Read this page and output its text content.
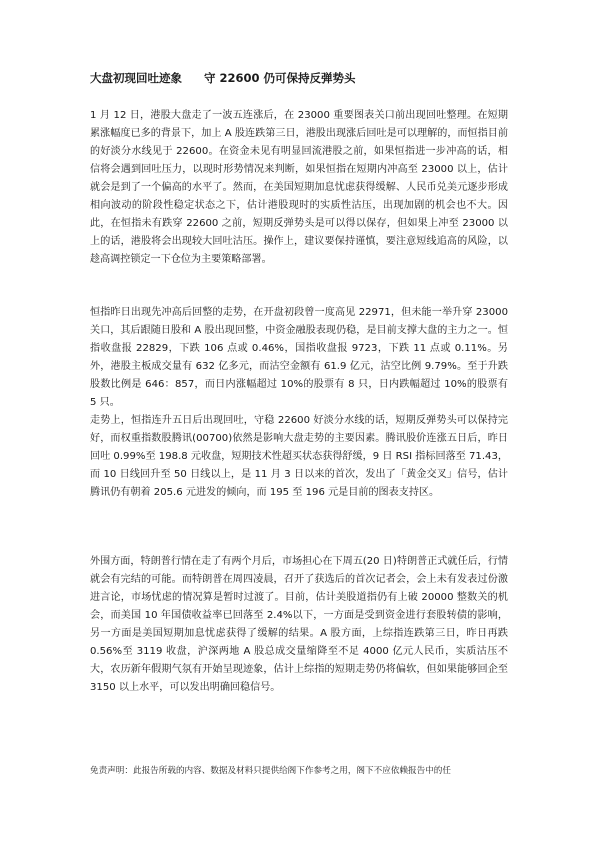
大盘初现回吐迹象 守 22600 仍可保持反弹势头

1 月 12 日，港股大盘走了一波五连涨后，在 23000 重要图表关口前出现回吐整理。在短期累涨幅度已多的背景下，加上 A 股连跌第三日，港股出现涨后回吐是可以理解的，而恒指目前的好淡分水线见于 22600。在资金未见有明显回流港股之前，如果恒指进一步冲高的话，相信将会遇到回吐压力，以现时形势情况来判断，如果恒指在短期内冲高至 23000 以上，估计就会是到了一个偏高的水平了。然而，在美国短期加息忧虑获得缓解、人民币兑美元逐步形成相向波动的阶段性稳定状态之下，估计港股现时的实质性沽压，出现加剧的机会也不大。因此，在恒指未有跌穿 22600 之前，短期反弹势头是可以得以保存，但如果上冲至 23000 以上的话，港股将会出现较大回吐沽压。操作上，建议要保持谨慎，要注意短线追高的风险，以趁高调控锁定一下仓位为主要策略部署。

恒指昨日出现先冲高后回整的走势，在开盘初段曾一度高见 22971，但未能一举升穿 23000 关口，其后跟随日股和 A 股出现回整，中资金融股表现仍稳，是目前支撑大盘的主力之一。恒指收盘报 22829，下跌 106 点或 0.46%，国指收盘报 9723，下跌 11 点或 0.11%。另外，港股主板成交量有 632 亿多元，而沽空金额有 61.9 亿元，沽空比例 9.79%。至于升跌股数比例是 646：857，而日内涨幅超过 10%的股票有 8 只，日内跌幅超过 10%的股票有 5 只。

走势上，恒指连升五日后出现回吐，守稳 22600 好淡分水线的话，短期反弹势头可以保持完好，而权重指数股腾讯(00700)依然是影响大盘走势的主要因素。腾讯股价连涨五日后，昨日回吐 0.99%至 198.8 元收盘，短期技术性超买状态获得舒缓，9 日 RSI 指标回落至 71.43，而 10 日线回升至 50 日线以上，是 11 月 3 日以来的首次，发出了「黄金交叉」信号，估计腾讯仍有朝着 205.6 元进发的倾向，而 195 至 196 元是目前的图表支持区。

外围方面，特朗普行情在走了有两个月后，市场担心在下周五(20 日)特朗普正式就任后，行情就会有完结的可能。而特朗普在周四凌晨，召开了获选后的首次记者会，会上未有发表过份激进言论，市场忧虑的情况算是暂时过渡了。目前，估计美股道指仍有上破 20000 整数关的机会，而美国 10 年国债收益率已回落至 2.4%以下，一方面是受到资金进行套股转债的影响，另一方面是美国短期加息忧虑获得了缓解的结果。A 股方面，上综指连跌第三日，昨日再跌 0.56%至 3119 收盘，沪深两地 A 股总成交量缩降至不足 4000 亿元人民币，实质沽压不大，农历新年假期气氛有开始呈现迹象，估计上综指的短期走势仍将偏软，但如果能够回企至 3150 以上水平，可以发出明确回稳信号。

免责声明：此报告所载的内容、数据及材料只提供给阁下作参考之用，阁下不应依赖报告中的任
